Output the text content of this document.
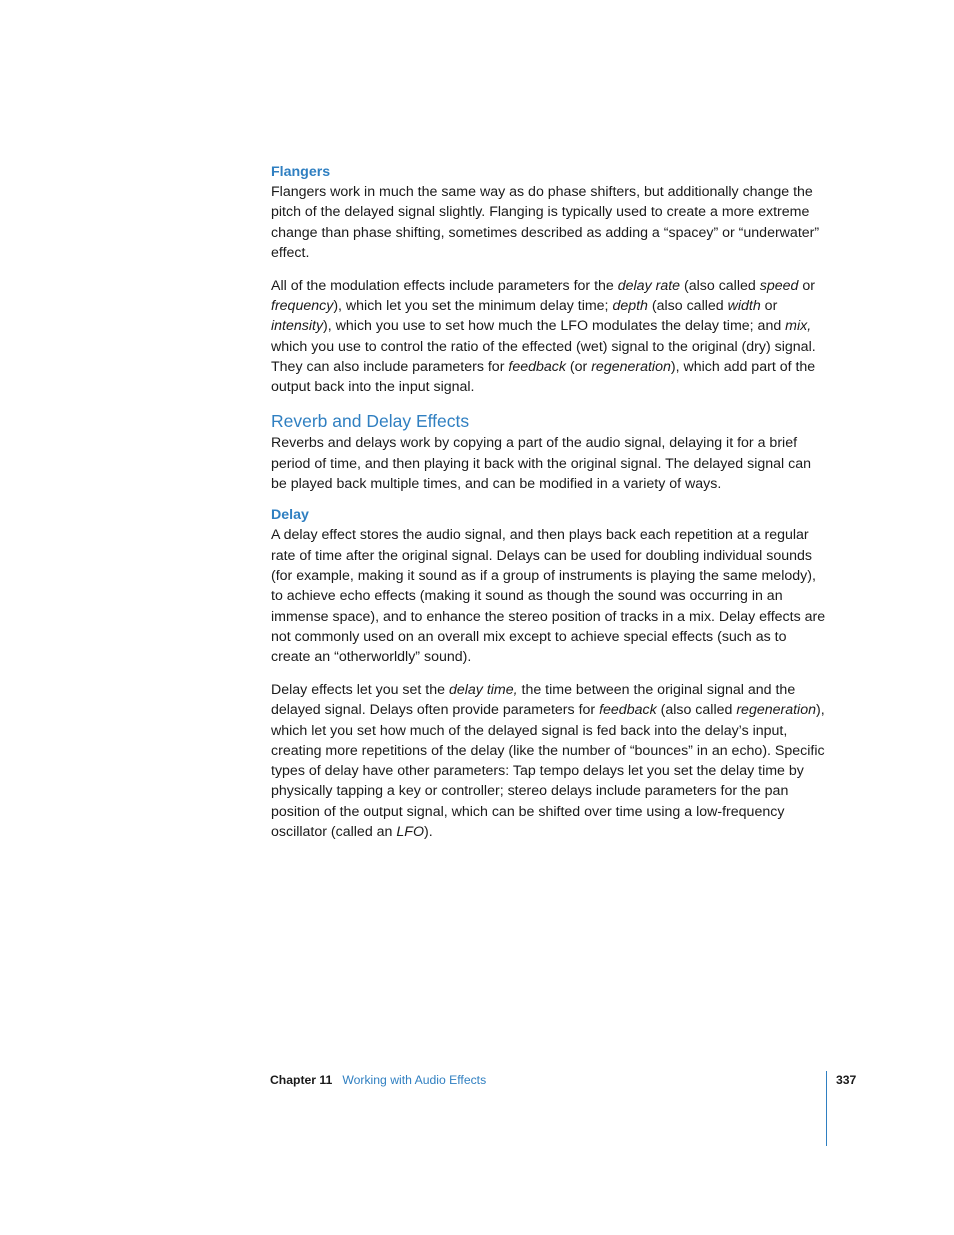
Flangers

Flangers work in much the same way as do phase shifters, but additionally change the pitch of the delayed signal slightly. Flanging is typically used to create a more extreme change than phase shifting, sometimes described as adding a “spacey” or “underwater” effect.

All of the modulation effects include parameters for the delay rate (also called speed or frequency), which let you set the minimum delay time; depth (also called width or intensity), which you use to set how much the LFO modulates the delay time; and mix, which you use to control the ratio of the effected (wet) signal to the original (dry) signal. They can also include parameters for feedback (or regeneration), which add part of the output back into the input signal.

Reverb and Delay Effects

Reverbs and delays work by copying a part of the audio signal, delaying it for a brief period of time, and then playing it back with the original signal. The delayed signal can be played back multiple times, and can be modified in a variety of ways.

Delay

A delay effect stores the audio signal, and then plays back each repetition at a regular rate of time after the original signal. Delays can be used for doubling individual sounds (for example, making it sound as if a group of instruments is playing the same melody), to achieve echo effects (making it sound as though the sound was occurring in an immense space), and to enhance the stereo position of tracks in a mix. Delay effects are not commonly used on an overall mix except to achieve special effects (such as to create an “otherworldly” sound).

Delay effects let you set the delay time, the time between the original signal and the delayed signal. Delays often provide parameters for feedback (also called regeneration), which let you set how much of the delayed signal is fed back into the delay’s input, creating more repetitions of the delay (like the number of “bounces” in an echo). Specific types of delay have other parameters: Tap tempo delays let you set the delay time by physically tapping a key or controller; stereo delays include parameters for the pan position of the output signal, which can be shifted over time using a low-frequency oscillator (called an LFO).

Chapter 11 Working with Audio Effects	337
